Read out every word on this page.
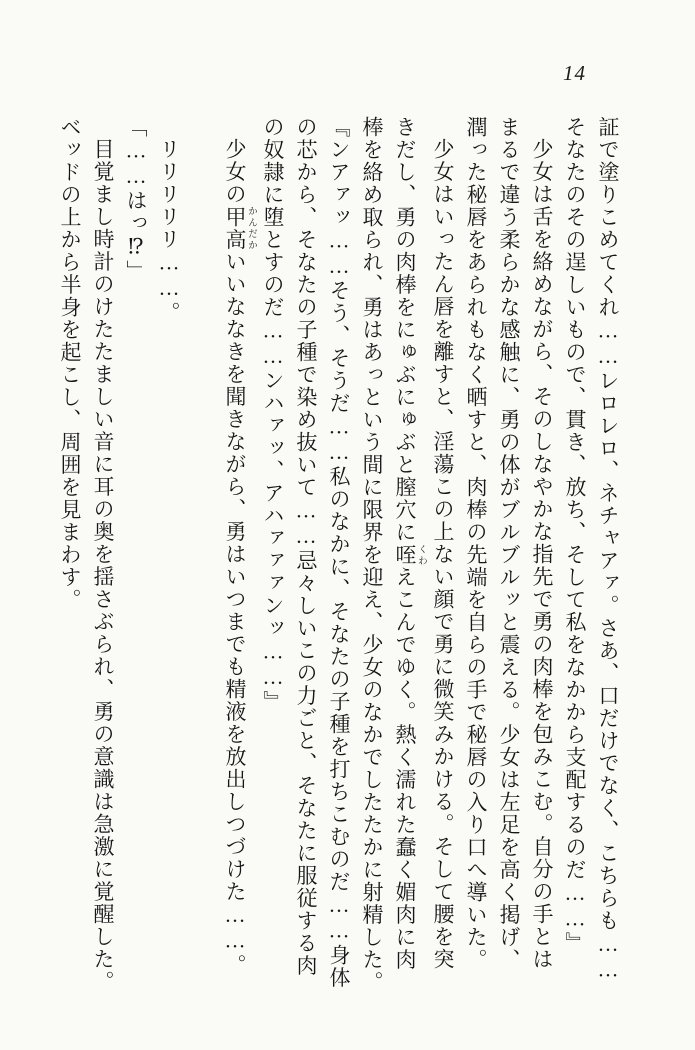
14

証で塗りこめてくれ……レロレロ、ネチャアァ。さあ、口だけでなく、こちらも……

そなたのその逞しいもので、貫き、放ち、そして私をなかから支配するのだ……』

少女は舌を絡めながら、そのしなやかな指先で勇の肉棒を包みこむ。自分の手とは

まるで違う柔らかな感触に、勇の体がブルブルッと震える。少女は左足を高く掲げ、

潤った秘唇をあられもなく晒すと、肉棒の先端を自らの手で秘唇の入り口へ導いた。

少女はいったん唇を離すと、淫蕩この上ない顔で勇に微笑みかける。そして腰を突

きだし、勇の肉棒をにゅぶにゅぶと膣穴に咥 くわえこんでゆく。熱く濡れた蠢く媚肉に肉

棒を絡め取られ、勇はあっという間に限界を迎え、少女のなかでしたたかに射精した。

『ンアァッ……そう、そうだ……私のなかに、そなたの子種を打ちこむのだ……身体

の芯から、そなたの子種で染め抜いて……忌々しいこの力ごと、そなたに服従する肉

の奴隷に堕とすのだ……ンハァッ、アハァァァンッ……』

少女の甲高 かんだかいいななきを聞きながら、勇はいつまでも精液を放出しつづけた……。

リリリリリ……。

「……はっ⁉」

目覚まし時計のけたたましい音に耳の奥を揺さぶられ、勇の意識は急激に覚醒した。

ベッドの上から半身を起こし、周囲を見まわす。
